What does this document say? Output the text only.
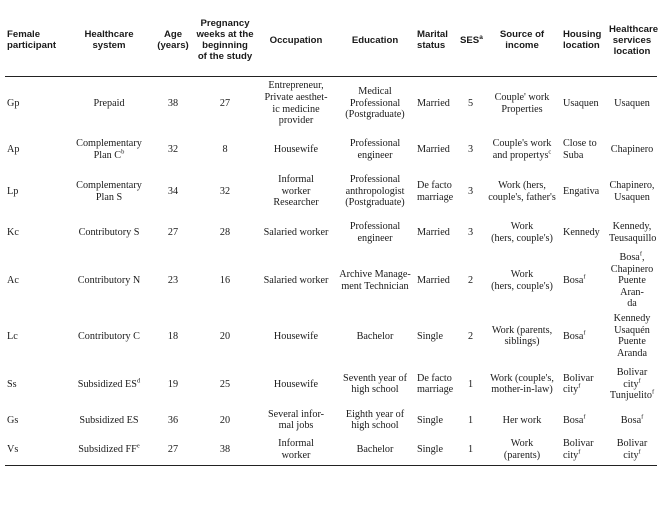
Female
participant	Healthcare
system	Age
(years)	Pregnancy
weeks at the
beginning
of the study	Occupation	Education	Marital
status	SES$^a$	Source of
income	Housing
location	Healthcare
services
location
Gp	Prepaid	38	27	Entrepreneur,
Private aesthet-
ic medicine
provider	Medical
Professional
(Postgraduate)	Married	5	Couple' work
Properties	Usaquen	Usaquen
Ap	Complementary
Plan $C^b$	32	8	Housewife	Professional
engineer	Married	3	Couple's work
and propertys$^c$	Close to
Suba	Chapinero
Lp	Complementary
Plan S	34	32	Informal
worker
Researcher	Professional
anthropologist
(Postgraduate)	De facto
marriage	3	Work (hers,
couple's, father's	Engativa	Chapinero,
Usaquen
Kc	Contributory S	27	28	Salaried worker	Professional
engineer	Married	3	Work
(hers, couple's)	Kennedy	Kennedy,
Teusaquillo
Ac	Contributory N	23	16	Salaried worker	Archive Manage-
ment Technician	Married	2	Work
(hers, couple's)	Bosa$^f$	Bosa$^f$,
Chapinero
Puente Aran-
da
Lc	Contributory C	18	20	Housewife	Bachelor	Single	2	Work (parents,
siblings)	Bosa$^f$	Kennedy
Usaquén
Puente
Aranda
Ss	Subsidized $ES^d$	19	25	Housewife	Seventh year of
high school	De facto
marriage	1	Work (couple's,
mother-in-law)	Bolivar
city$^f$	Bolivar city$^f$
Tunjuelito$^f$
Gs	Subsidized ES	36	20	Several infor-
mal jobs	Eighth year of
high school	Single	1	Her work	Bosa$^f$	Bosa$^f$
Vs	Subsidized $FF^e$	27	38	Informal
worker	Bachelor	Single	1	Work
(parents)	Bolivar
city$^f$	Bolivar
city$^f$
